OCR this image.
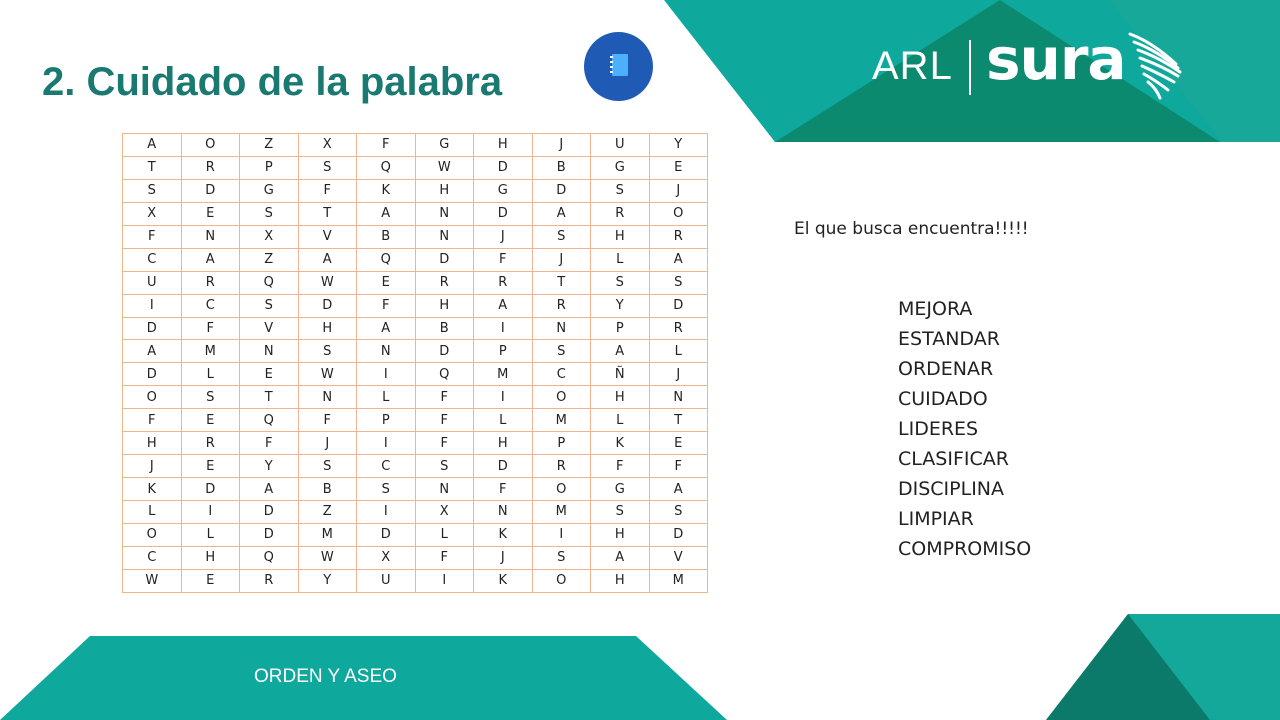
2. Cuidado de la palabra	ARL sura
A	O	Z	X	F	G	H	J	U	Y
T	R	P	S	Q	W	D	B	G	E
S	D	G	F	K	H	G	D	S	J
X	E	S	T	A	N	D	A	R	O
F	N	X	V	B	N	J	S	H	R
C	A	Z	A	Q	D	F	J	L	A
U	R	Q	W	E	R	R	T	S	S
I	C	S	D	F	H	A	R	Y	D
D	F	V	H	A	B	I	N	P	R
A	M	N	S	N	D	P	S	A	L
D	L	E	W	I	Q	M	C	Ñ	J
O	S	T	N	L	F	I	O	H	N
F	E	Q	F	P	F	L	M	L	T
H	R	F	J	I	F	H	P	K	E
J	E	Y	S	C	S	D	R	F	F
K	D	A	B	S	N	F	O	G	A
L	I	D	Z	I	X	N	M	S	S
O	L	D	M	D	L	K	I	H	D
C	H	Q	W	X	F	J	S	A	V
W	E	R	Y	U	I	K	O	H	M
El que busca encuentra!!!!!
MEJORA
ESTANDAR
ORDENAR
CUIDADO
LIDERES
CLASIFICAR
DISCIPLINA
LIMPIAR
COMPROMISO
ORDEN Y ASEO
